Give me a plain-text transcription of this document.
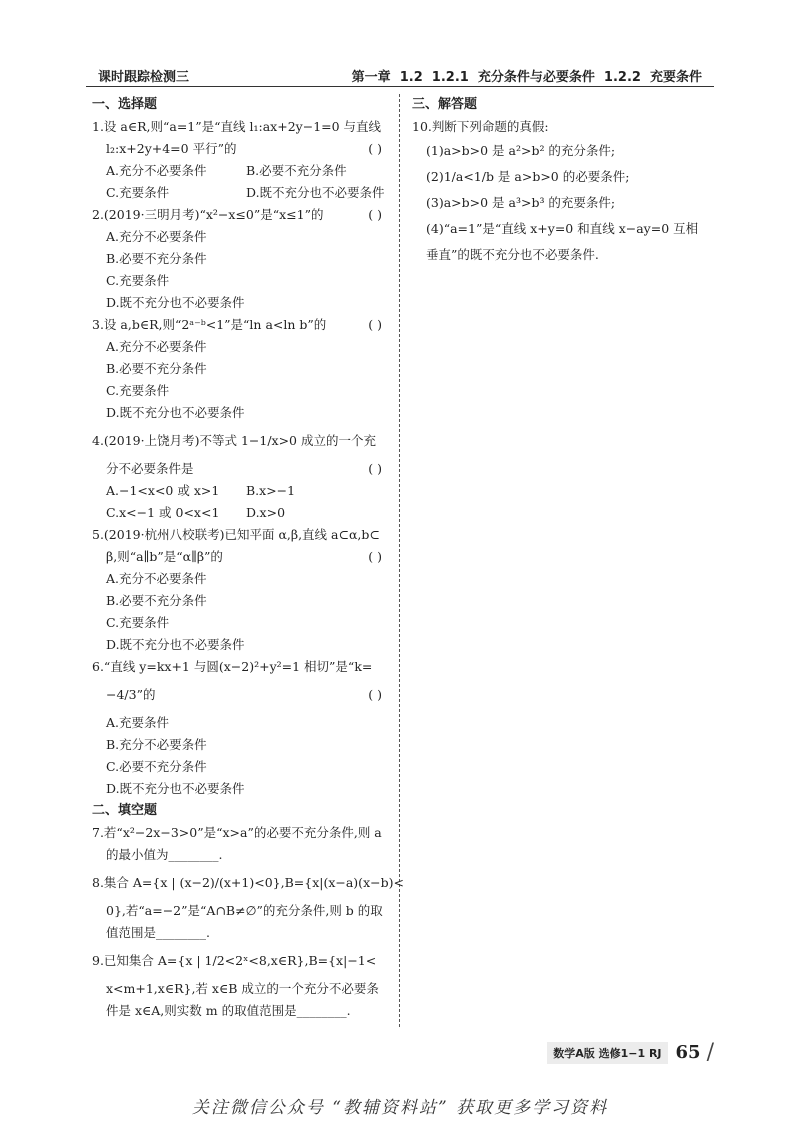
课时跟踪检测三	第一章  1.2  1.2.1  充分条件与必要条件  1.2.2  充要条件
一、选择题
1.设 a∈R,则“a=1”是“直线 l₁:ax+2y−1=0 与直线
l₂:x+2y+4=0 平行”的	( )
A.充分不必要条件	B.必要不充分条件
C.充要条件	D.既不充分也不必要条件
2.(2019·三明月考)“x²−x≤0”是“x≤1”的	( )
A.充分不必要条件
B.必要不充分条件
C.充要条件
D.既不充分也不必要条件
3.设 a,b∈R,则“2ᵃ⁻ᵇ<1”是“ln a<ln b”的	( )
A.充分不必要条件
B.必要不充分条件
C.充要条件
D.既不充分也不必要条件
4.(2019·上饶月考)不等式 1−1/x>0 成立的一个充
分不必要条件是	( )
A.−1<x<0 或 x>1	B.x>−1
C.x<−1 或 0<x<1	D.x>0
5.(2019·杭州八校联考)已知平面 α,β,直线 a⊂α,b⊂
β,则“a∥b”是“α∥β”的	( )
A.充分不必要条件
B.必要不充分条件
C.充要条件
D.既不充分也不必要条件
6.“直线 y=kx+1 与圆(x−2)²+y²=1 相切”是“k=
−4/3”的	( )
A.充要条件
B.充分不必要条件
C.必要不充分条件
D.既不充分也不必要条件
二、填空题
7.若“x²−2x−3>0”是“x>a”的必要不充分条件,则 a
的最小值为________.
8.集合 A={x | (x−2)/(x+1)<0},B={x|(x−a)(x−b)<
0},若“a=−2”是“A∩B≠∅”的充分条件,则 b 的取
值范围是________.
9.已知集合 A={x | 1/2<2ˣ<8,x∈R},B={x|−1<
x<m+1,x∈R},若 x∈B 成立的一个充分不必要条
件是 x∈A,则实数 m 的取值范围是________.
三、解答题
10.判断下列命题的真假:
(1)a>b>0 是 a²>b² 的充分条件;
(2)1/a<1/b 是 a>b>0 的必要条件;
(3)a>b>0 是 a³>b³ 的充要条件;
(4)“a=1”是“直线 x+y=0 和直线 x−ay=0 互相
垂直”的既不充分也不必要条件.
数学A版 选修1−1 RJ 65 /
关注微信公众号 “教辅资料站” 获取更多学习资料
